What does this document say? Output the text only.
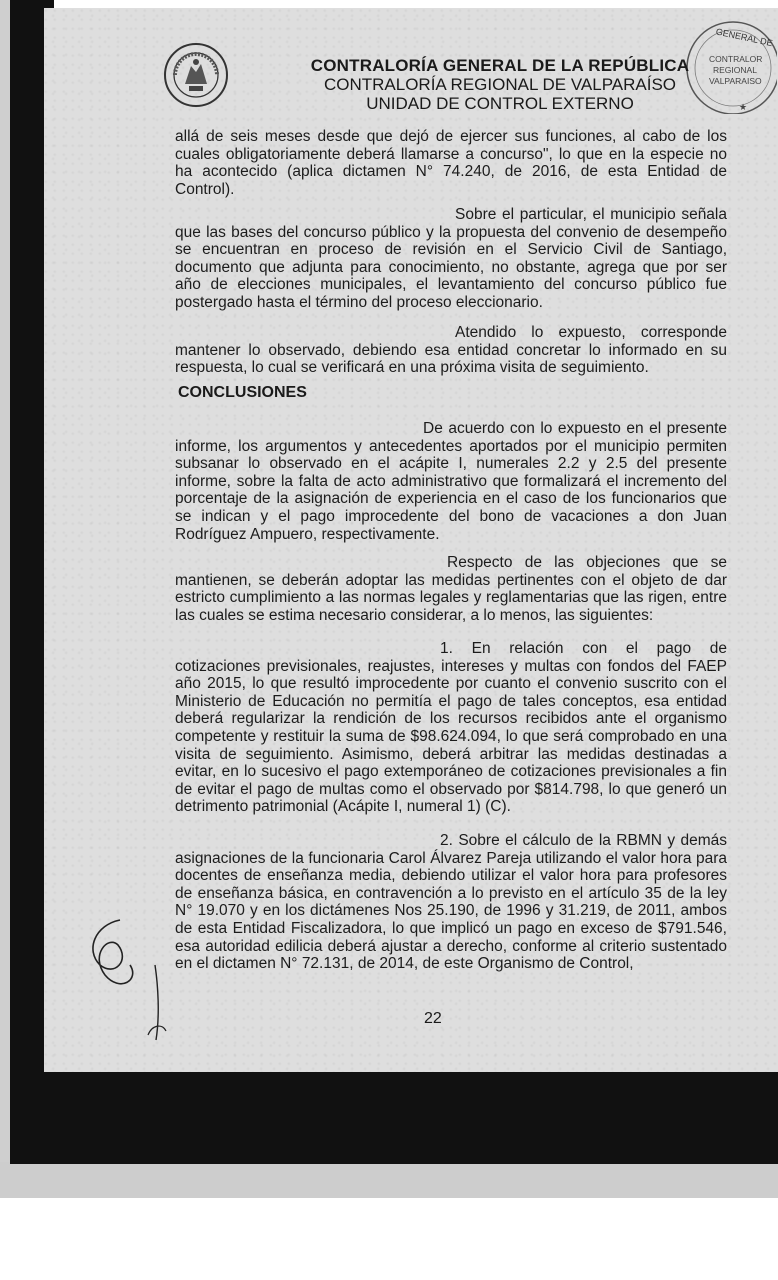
GENERAL DE
CONTRALOR
REGIONAL
VALPARAISO
★
CONTRALORÍA GENERAL DE LA REPÚBLICA
CONTRALORÍA REGIONAL DE VALPARAÍSO
UNIDAD DE CONTROL EXTERNO
allá de seis meses desde que dejó de ejercer sus funciones, al cabo de los cuales obligatoriamente deberá llamarse a concurso", lo que en la especie no ha acontecido (aplica dictamen N° 74.240, de 2016, de esta Entidad de Control).
Sobre el particular, el municipio señala que las bases del concurso público y la propuesta del convenio de desempeño se encuentran en proceso de revisión en el Servicio Civil de Santiago, documento que adjunta para conocimiento, no obstante, agrega que por ser año de elecciones municipales, el levantamiento del concurso público fue postergado hasta el término del proceso eleccionario.
Atendido lo expuesto, corresponde mantener lo observado, debiendo esa entidad concretar lo informado en su respuesta, lo cual se verificará en una próxima visita de seguimiento.
CONCLUSIONES
De acuerdo con lo expuesto en el presente informe, los argumentos y antecedentes aportados por el municipio permiten subsanar lo observado en el acápite I, numerales 2.2 y 2.5 del presente informe, sobre la falta de acto administrativo que formalizará el incremento del porcentaje de la asignación de experiencia en el caso de los funcionarios que se indican y el pago improcedente del bono de vacaciones a don Juan Rodríguez Ampuero, respectivamente.
Respecto de las objeciones que se mantienen, se deberán adoptar las medidas pertinentes con el objeto de dar estricto cumplimiento a las normas legales y reglamentarias que las rigen, entre las cuales se estima necesario considerar, a lo menos, las siguientes:
1. En relación con el pago de cotizaciones previsionales, reajustes, intereses y multas con fondos del FAEP año 2015, lo que resultó improcedente por cuanto el convenio suscrito con el Ministerio de Educación no permitía el pago de tales conceptos, esa entidad deberá regularizar la rendición de los recursos recibidos ante el organismo competente y restituir la suma de $98.624.094, lo que será comprobado en una visita de seguimiento. Asimismo, deberá arbitrar las medidas destinadas a evitar, en lo sucesivo el pago extemporáneo de cotizaciones previsionales a fin de evitar el pago de multas como el observado por $814.798, lo que generó un detrimento patrimonial (Acápite I, numeral 1) (C).
2. Sobre el cálculo de la RBMN y demás asignaciones de la funcionaria Carol Álvarez Pareja utilizando el valor hora para docentes de enseñanza media, debiendo utilizar el valor hora para profesores de enseñanza básica, en contravención a lo previsto en el artículo 35 de la ley N° 19.070 y en los dictámenes Nos 25.190, de 1996 y 31.219, de 2011, ambos de esta Entidad Fiscalizadora, lo que implicó un pago en exceso de $791.546, esa autoridad edilicia deberá ajustar a derecho, conforme al criterio sustentado en el dictamen N° 72.131, de 2014, de este Organismo de Control,
22
